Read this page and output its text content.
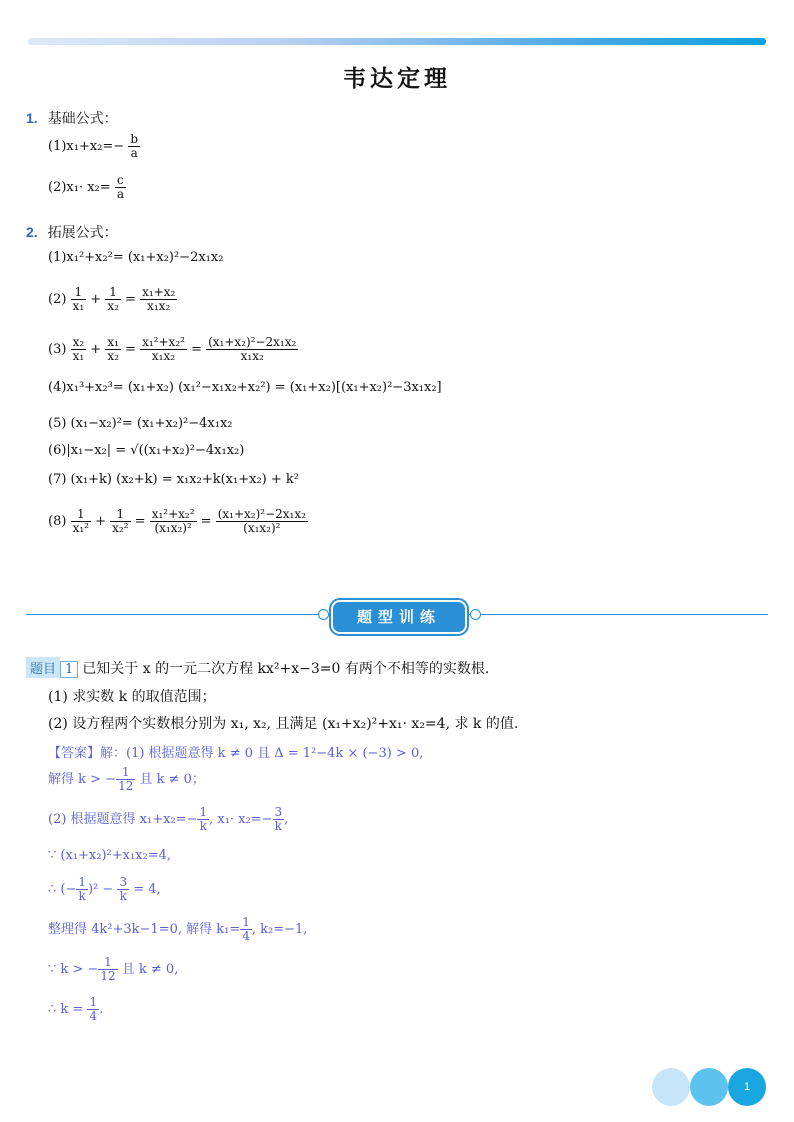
韦达定理
1. 基础公式：
$(1)x_1+x_2=- \frac{b}{a}$
$(2)x_1\cdot x_2= \frac{c}{a}$
2. 拓展公式：
(1)x₁²+x₂²= (x₁+x₂)²−2x₁x₂
$(2) \frac{1}{\text{x₁}} + \frac{1}{\text{x₂}} = \frac{\text{x₁+x₂}}{\text{x₁x₂}}$
$(3) \frac{\text{x₂}}{\text{x₁}} + \frac{\text{x₁}}{\text{x₂}} = \frac{\text{x₁²+x₂²}}{\text{x₁x₂}} = \frac{\text{(x₁+x₂)²−2x₁x₂}}{\text{x₁x₂}}$
(4)x₁³+x₂³= (x₁+x₂) (x₁²−x₁x₂+x₂²) = (x₁+x₂)[(x₁+x₂)²−3x₁x₂]
(5) (x₁−x₂)²= (x₁+x₂)²−4x₁x₂
(6)|x₁−x₂| = √((x₁+x₂)²−4x₁x₂)
(7) (x₁+k) (x₂+k) = x₁x₂+k(x₁+x₂) + k²
$(8) \frac{1}{\text{x₁²}} + \frac{1}{\text{x₂²}} = \frac{\text{x₁²+x₂²}}{\text{(x₁x₂)²}} = \frac{\text{(x₁+x₂)²−2x₁x₂}}{\text{(x₁x₂)²}}$
题型训练
题目 1 已知关于 x 的一元二次方程 kx²+x−3=0 有两个不相等的实数根.
(1) 求实数 k 的取值范围；
(2) 设方程两个实数根分别为 x₁, x₂, 且满足 (x₁+x₂)²+x₁· x₂=4, 求 k 的值.
【答案】解：(1) 根据题意得 k ≠ 0 且 Δ = 1²−4k × (−3) > 0,
解得 k > − $\frac{1}{12}$ 且 k ≠ 0；
(2) 根据题意得 $x_1+x_2=- \frac{1}{k}$ , $x_1\cdot x_2=- \frac{3}{k}$ ,
∵ (x₁+x₂)²+x₁x₂=4,
∴ (− $\frac{1}{k} )^2 - \frac{3}{k} = 4$,
整理得 4k²+3k−1=0, 解得 $k_1= \frac{1}{4}$ , k₂=−1,
∵ k > − $\frac{1}{12}$ 且 k ≠ 0,
∴ $k = \frac{1}{4}$ .
1
